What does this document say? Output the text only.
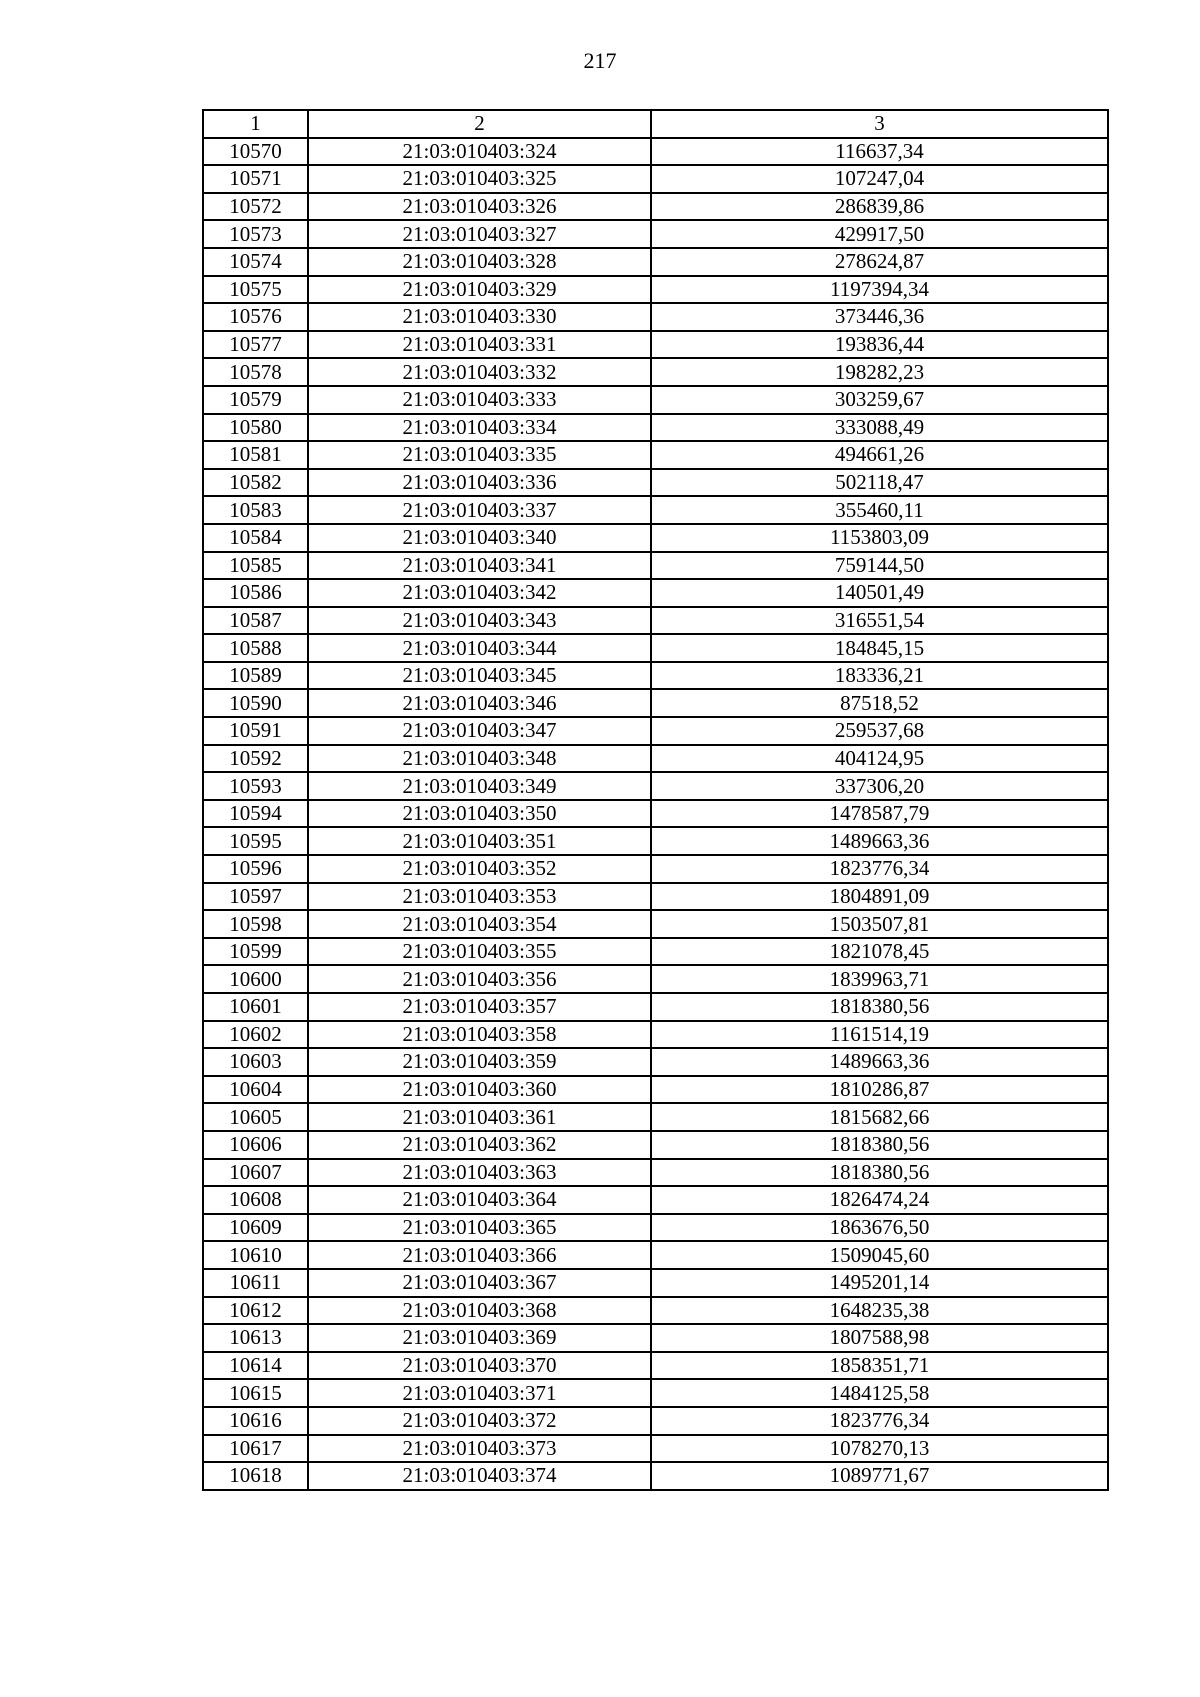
217
1	2	3
10570	21:03:010403:324	116637,34
10571	21:03:010403:325	107247,04
10572	21:03:010403:326	286839,86
10573	21:03:010403:327	429917,50
10574	21:03:010403:328	278624,87
10575	21:03:010403:329	1197394,34
10576	21:03:010403:330	373446,36
10577	21:03:010403:331	193836,44
10578	21:03:010403:332	198282,23
10579	21:03:010403:333	303259,67
10580	21:03:010403:334	333088,49
10581	21:03:010403:335	494661,26
10582	21:03:010403:336	502118,47
10583	21:03:010403:337	355460,11
10584	21:03:010403:340	1153803,09
10585	21:03:010403:341	759144,50
10586	21:03:010403:342	140501,49
10587	21:03:010403:343	316551,54
10588	21:03:010403:344	184845,15
10589	21:03:010403:345	183336,21
10590	21:03:010403:346	87518,52
10591	21:03:010403:347	259537,68
10592	21:03:010403:348	404124,95
10593	21:03:010403:349	337306,20
10594	21:03:010403:350	1478587,79
10595	21:03:010403:351	1489663,36
10596	21:03:010403:352	1823776,34
10597	21:03:010403:353	1804891,09
10598	21:03:010403:354	1503507,81
10599	21:03:010403:355	1821078,45
10600	21:03:010403:356	1839963,71
10601	21:03:010403:357	1818380,56
10602	21:03:010403:358	1161514,19
10603	21:03:010403:359	1489663,36
10604	21:03:010403:360	1810286,87
10605	21:03:010403:361	1815682,66
10606	21:03:010403:362	1818380,56
10607	21:03:010403:363	1818380,56
10608	21:03:010403:364	1826474,24
10609	21:03:010403:365	1863676,50
10610	21:03:010403:366	1509045,60
10611	21:03:010403:367	1495201,14
10612	21:03:010403:368	1648235,38
10613	21:03:010403:369	1807588,98
10614	21:03:010403:370	1858351,71
10615	21:03:010403:371	1484125,58
10616	21:03:010403:372	1823776,34
10617	21:03:010403:373	1078270,13
10618	21:03:010403:374	1089771,67
